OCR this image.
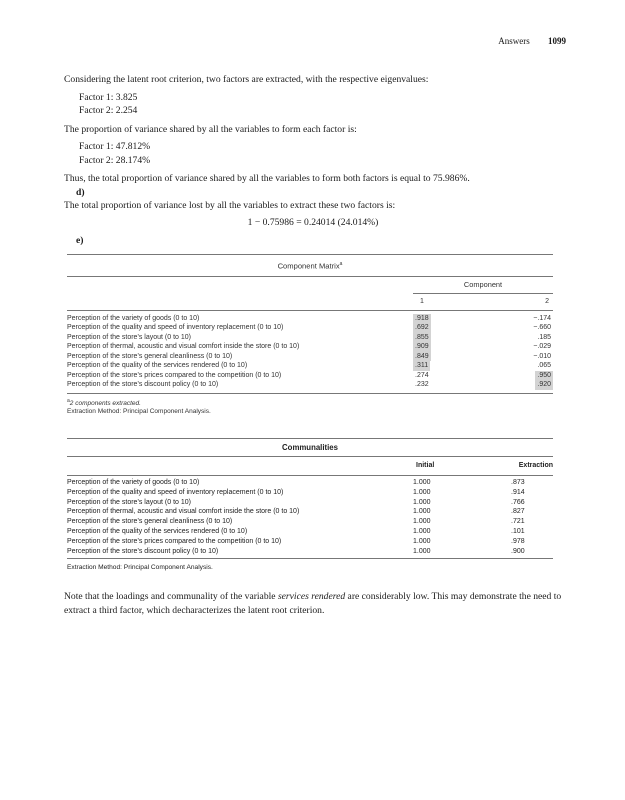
Answers 1099

Considering the latent root criterion, two factors are extracted, with the respective eigenvalues:

Factor 1: 3.825

Factor 2: 2.254

The proportion of variance shared by all the variables to form each factor is:

Factor 1: 47.812%

Factor 2: 28.174%

Thus, the total proportion of variance shared by all the variables to form both factors is equal to 75.986%.

d)

The total proportion of variance lost by all the variables to extract these two factors is:

1 − 0.75986 = 0.24014 (24.014%)

e)

Component Matrix$^a$
Component
1	2
Perception of the variety of goods (0 to 10)	.918	−.174
Perception of the quality and speed of inventory replacement (0 to 10)	.692	−.660
Perception of the store’s layout (0 to 10)	.855	.185
Perception of thermal, acoustic and visual comfort inside the store (0 to 10)	.909	−.029
Perception of the store’s general cleanliness (0 to 10)	.849	−.010
Perception of the quality of the services rendered (0 to 10)	.311	.065
Perception of the store’s prices compared to the competition (0 to 10)	.274	.950
Perception of the store’s discount policy (0 to 10)	.232	.920
$^a$2 components extracted.
Extraction Method: Principal Component Analysis.
Communalities
Initial	Extraction
Perception of the variety of goods (0 to 10)	1.000	.873
Perception of the quality and speed of inventory replacement (0 to 10)	1.000	.914
Perception of the store’s layout (0 to 10)	1.000	.766
Perception of thermal, acoustic and visual comfort inside the store (0 to 10)	1.000	.827
Perception of the store’s general cleanliness (0 to 10)	1.000	.721
Perception of the quality of the services rendered (0 to 10)	1.000	.101
Perception of the store’s prices compared to the competition (0 to 10)	1.000	.978
Perception of the store’s discount policy (0 to 10)	1.000	.900
Extraction Method: Principal Component Analysis.

Note that the loadings and communality of the variable services rendered are considerably low. This may demonstrate the need to extract a third factor, which decharacterizes the latent root criterion.
